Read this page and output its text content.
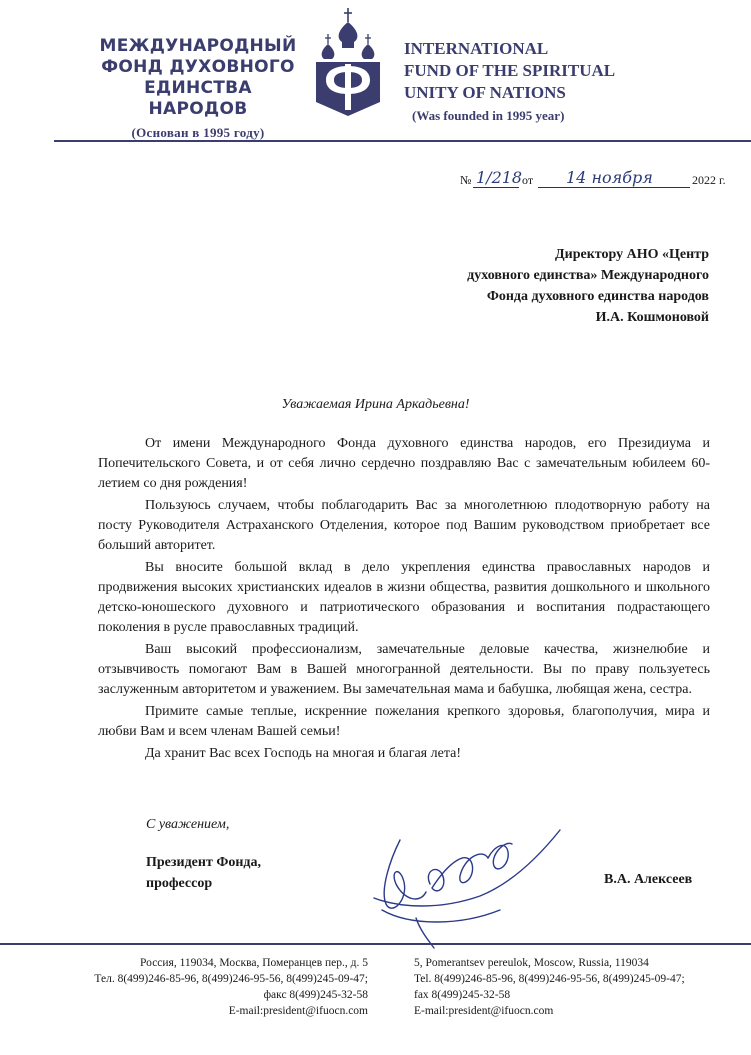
МЕЖДУНАРОДНЫЙ
ФОНД ДУХОВНОГО
ЕДИНСТВА НАРОДОВ
(Основан в 1995 году)
INTERNATIONAL
FUND OF THE SPIRITUAL
UNITY OF NATIONS
(Was founded in 1995 year)
№ 1/218 от 14 ноября	2022 г.
Директору АНО «Центр
духовного единства» Международного
Фонда духовного единства народов
И.А. Кошмоновой
Уважаемая Ирина Аркадьевна!

От имени Международного Фонда духовного единства народов, его Президиума и Попечительского Совета, и от себя лично сердечно поздравляю Вас с замечательным юбилеем 60-летием со дня рождения!

Пользуюсь случаем, чтобы поблагодарить Вас за многолетнюю плодотворную работу на посту Руководителя Астраханского Отделения, которое под Вашим руководством приобретает все больший авторитет.

Вы вносите большой вклад в дело укрепления единства православных народов и продвижения высоких христианских идеалов в жизни общества, развития дошкольного и школьного детско-юношеского духовного и патриотического образования и воспитания подрастающего поколения в русле православных традиций.

Ваш высокий профессионализм, замечательные деловые качества, жизнелюбие и отзывчивость помогают Вам в Вашей многогранной деятельности. Вы по праву пользуетесь заслуженным авторитетом и уважением. Вы замечательная мама и бабушка, любящая жена, сестра.

Примите самые теплые, искренние пожелания крепкого здоровья, благополучия, мира и любви Вам и всем членам Вашей семьи!

Да хранит Вас всех Господь на многая и благая лета!

С уважением,
Президент Фонда,
профессор	В.А. Алексеев
Россия, 119034, Москва, Померанцев пер., д. 5
Тел. 8(499)246-85-96, 8(499)246-95-56, 8(499)245-09-47;
факс 8(499)245-32-58
E-mail:president@ifuocn.com
5, Pomerantsev pereulok, Moscow, Russia, 119034
Tel. 8(499)246-85-96, 8(499)246-95-56, 8(499)245-09-47;
fax 8(499)245-32-58
E-mail:president@ifuocn.com
